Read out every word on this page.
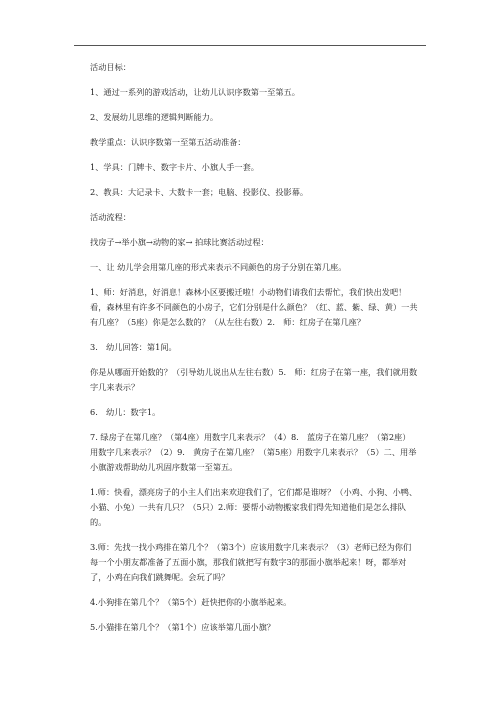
活动目标：

1、通过一系列的游戏活动，让幼儿认识序数第一至第五。

2、发展幼儿思维的逻辑判断能力。

教学重点：认识序数第一至第五活动准备：

1、学具：门牌卡、数字卡片、小旗人手一套。

2、教具：大记录卡、大数卡一套；电脑、投影仪、投影幕。

活动流程：

找房子→举小旗→动物的家→ 拍球比赛活动过程：

一、让 幼儿学会用第几座的形式来表示不同颜色的房子分别在第几座。

1、师：好消息，好消息！森林小区要搬迁啦！小动物们请我们去帮忙，我们快出发吧！看，森林里有许多不同颜色的小房子，它们分别是什么颜色？（红、蓝、紫、绿、黄）一共有几座？（5座）你是怎么数的？（从左往右数）2.　师：红房子在第几座？

3.　幼儿回答：第1间。

你是从哪面开始数的？（引导幼儿说出从左往右数）5.　师：红房子在第一座，我们就用数字几来表示？

6.　幼儿：数字1。

7. 绿房子在第几座？（第4座）用数字几来表示？（4）8.　蓝房子在第几座？（第2座）用数字几来表示？（2）9.　黄房子在第几座？（第5座）用数字几来表示？（5）二、用举小旗游戏帮助幼儿巩固序数第一至第五。

1.师：快看，漂亮房子的小主人们出来欢迎我们了，它们都是谁呀？（小鸡、小狗、小鸭、小猫、小兔）一共有几只？（5只）2.师：要帮小动物搬家我们得先知道他们是怎么排队的。

3.师：先找一找小鸡排在第几个？（第3个）应该用数字几来表示？（3）老师已经为你们每一个小朋友都准备了五面小旗，那我们就把写有数字3的那面小旗举起来！呀，都举对了，小鸡在向我们跳舞呢。会玩了吗？

4.小狗排在第几个？（第5个）赶快把你的小旗举起来。

5.小猫排在第几个？（第1个）应该举第几面小旗？
